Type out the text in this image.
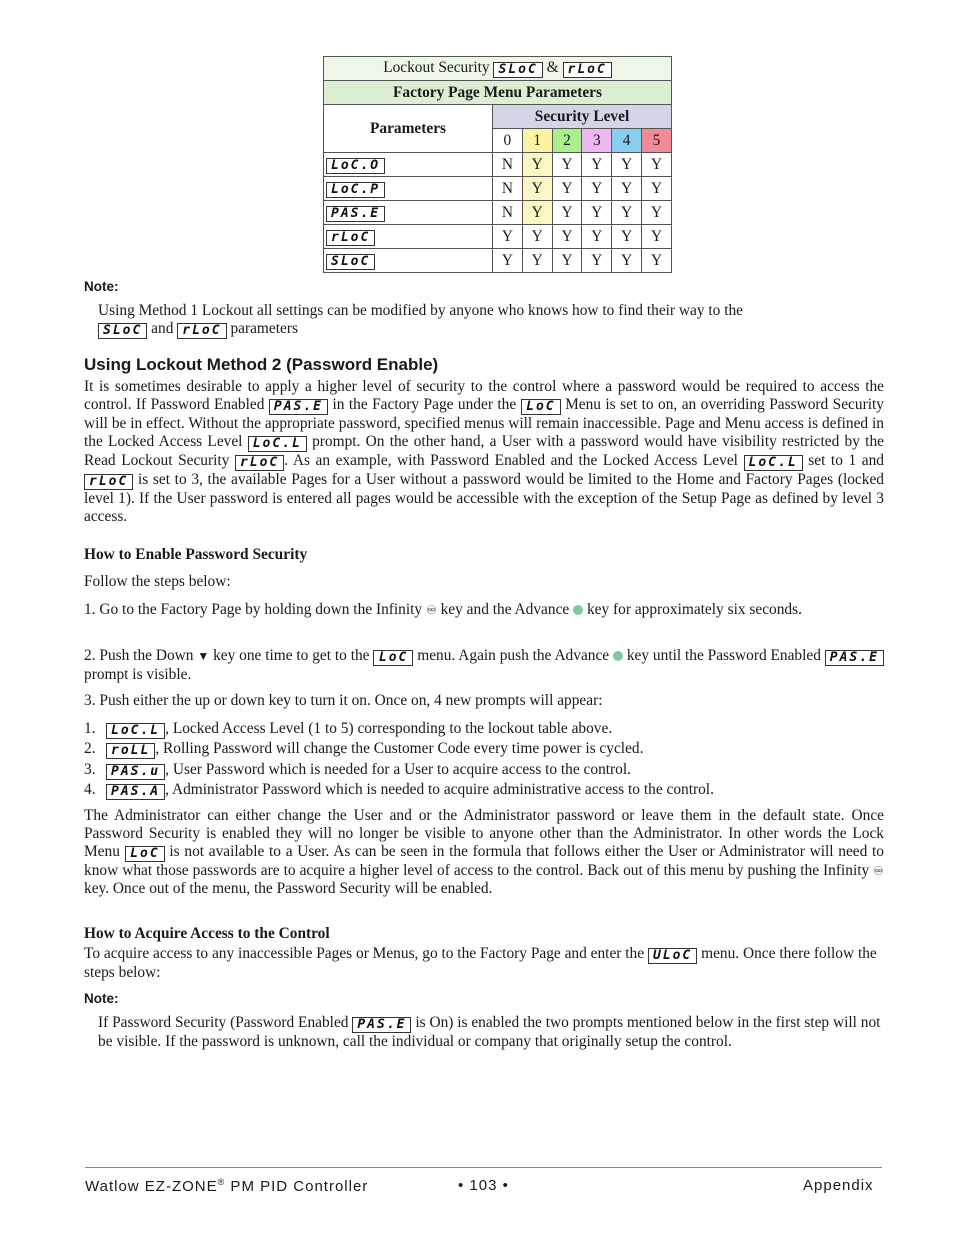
Lockout Security SLoC & rLoC						
Factory Page Menu Parameters						
Parameters	Security Level					
	0	1	2	3	4	5
LoC.O	N	Y	Y	Y	Y	Y
LoC.P	N	Y	Y	Y	Y	Y
PAS.E	N	Y	Y	Y	Y	Y
rLoC	Y	Y	Y	Y	Y	Y
SLoC	Y	Y	Y	Y	Y	Y
Note:
Using Method 1 Lockout all settings can be modified by anyone who knows how to find their way to the
SLoC and rLoC parameters
Using Lockout Method 2 (Password Enable)
It is sometimes desirable to apply a higher level of security to the control where a password would be required to access the control. If Password Enabled PAS.E in the Factory Page under the LoC Menu is set to on, an overriding Password Security will be in effect. Without the appropriate password, specified menus will remain inaccessible. Page and Menu access is defined in the Locked Access Level LoC.L prompt. On the other hand, a User with a password would have visibility restricted by the Read Lockout Security rLoC . As an example, with Password Enabled and the Locked Access Level LoC.L set to 1 and rLoC is set to 3, the available Pages for a User without a password would be limited to the Home and Factory Pages (locked level 1). If the User password is entered all pages would be accessible with the exception of the Setup Page as defined by level 3 access.
How to Enable Password Security
Follow the steps below:
1. Go to the Factory Page by holding down the Infinity ♾ key and the Advance key for approximately six seconds.
2. Push the Down ▼ key one time to get to the LoC menu. Again push the Advance key until the Password Enabled PAS.E prompt is visible.
3. Push either the up or down key to turn it on. Once on, 4 new prompts will appear:
1. LoC.L , Locked Access Level (1 to 5) corresponding to the lockout table above.
2. roLL , Rolling Password will change the Customer Code every time power is cycled.
3. PAS.u , User Password which is needed for a User to acquire access to the control.
4. PAS.A , Administrator Password which is needed to acquire administrative access to the control.
The Administrator can either change the User and or the Administrator password or leave them in the default state. Once Password Security is enabled they will no longer be visible to anyone other than the Administrator. In other words the Lock Menu LoC is not available to a User. As can be seen in the formula that follows either the User or Administrator will need to know what those passwords are to acquire a higher level of access to the control. Back out of this menu by pushing the Infinity ♾ key. Once out of the menu, the Password Security will be enabled.
How to Acquire Access to the Control
To acquire access to any inaccessible Pages or Menus, go to the Factory Page and enter the ULoC menu. Once there follow the steps below:
Note:
If Password Security (Password Enabled PAS.E is On) is enabled the two prompts mentioned below in the first step will not be visible. If the password is unknown, call the individual or company that originally setup the control.
Watlow EZ-ZONE® PM PID Controller	• 103 •	Appendix
